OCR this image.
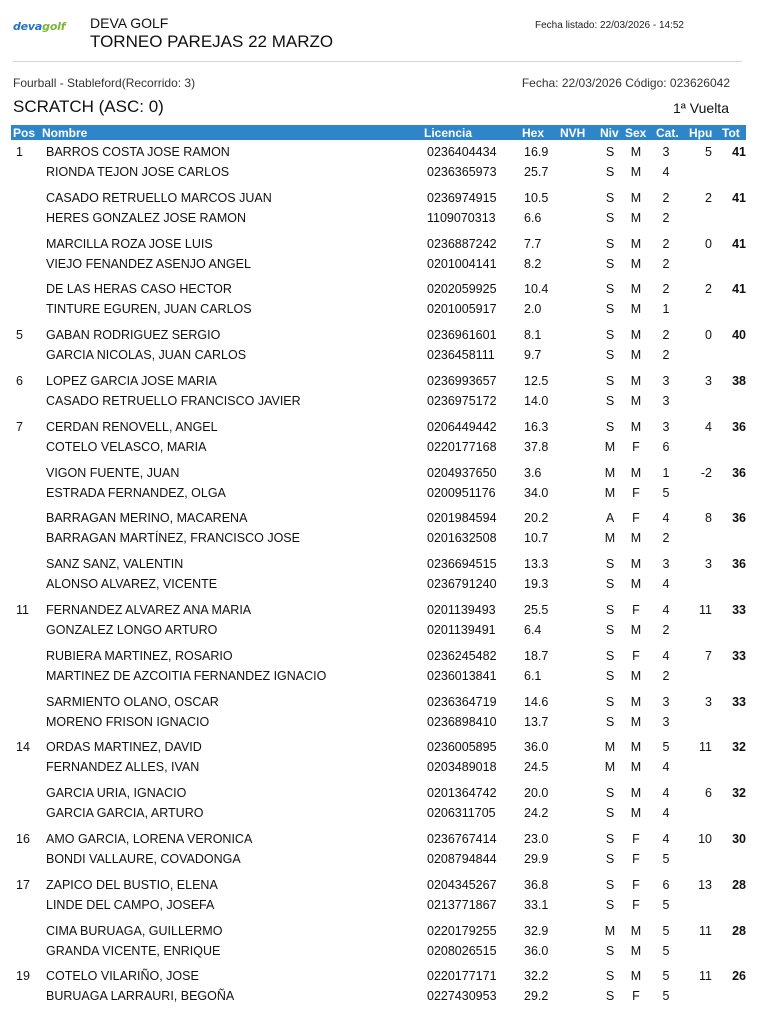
devagolf DEVA GOLF
TORNEO PAREJAS 22 MARZO
Fecha listado: 22/03/2026 - 14:52
Fourball - Stableford(Recorrido: 3)	Fecha: 22/03/2026 Código: 023626042
SCRATCH (ASC: 0)	1ª Vuelta
Pos Nombre	Licencia	Hex NVH Niv Sex Cat. Hpu Tot
1 BARROS COSTA JOSE RAMON	0236404434 16.9	S M 3	5	41
RIONDA TEJON JOSE CARLOS	0236365973 25.7	S M 4
CASADO RETRUELLO MARCOS JUAN	0236974915 10.5	S M 2	2	41
HERES GONZALEZ JOSE RAMON	1109070313 6.6	S M 2
MARCILLA ROZA JOSE LUIS	0236887242 7.7	S M 2	0	41
VIEJO FENANDEZ ASENJO ANGEL	0201004141 8.2	S M 2
DE LAS HERAS CASO HECTOR	0202059925 10.4	S M 2	2	41
TINTURE EGUREN, JUAN CARLOS	0201005917 2.0	S M 1
5 GABAN RODRIGUEZ SERGIO	0236961601 8.1	S M 2	0	40
GARCIA NICOLAS, JUAN CARLOS	0236458111 9.7	S M 2
6 LOPEZ GARCIA JOSE MARIA	0236993657 12.5	S M 3	3	38
CASADO RETRUELLO FRANCISCO JAVIER	0236975172 14.0	S M 3
7 CERDAN RENOVELL, ANGEL	0206449442 16.3	S M 3	4	36
COTELO VELASCO, MARIA	0220177168 37.8	M F 6
VIGON FUENTE, JUAN	0204937650 3.6	M M 1	-2	36
ESTRADA FERNANDEZ, OLGA	0200951176 34.0	M F 5
BARRAGAN MERINO, MACARENA	0201984594 20.2	A F 4	8	36
BARRAGAN MARTÍNEZ, FRANCISCO JOSE	0201632508 10.7	M M 2
SANZ SANZ, VALENTIN	0236694515 13.3	S M 3	3	36
ALONSO ALVAREZ, VICENTE	0236791240 19.3	S M 4
11 FERNANDEZ ALVAREZ ANA MARIA	0201139493 25.5	S F 4	11	33
GONZALEZ LONGO ARTURO	0201139491 6.4	S M 2
RUBIERA MARTINEZ, ROSARIO	0236245482 18.7	S F 4	7	33
MARTINEZ DE AZCOITIA FERNANDEZ IGNACIO	0236013841 6.1	S M 2
SARMIENTO OLANO, OSCAR	0236364719 14.6	S M 3	3	33
MORENO FRISON IGNACIO	0236898410 13.7	S M 3
14 ORDAS MARTINEZ, DAVID	0236005895 36.0	M M 5	11	32
FERNANDEZ ALLES, IVAN	0203489018 24.5	M M 4
GARCIA URIA, IGNACIO	0201364742 20.0	S M 4	6	32
GARCIA GARCIA, ARTURO	0206311705 24.2	S M 4
16 AMO GARCIA, LORENA VERONICA	0236767414 23.0	S F 4	10	30
BONDI VALLAURE, COVADONGA	0208794844 29.9	S F 5
17 ZAPICO DEL BUSTIO, ELENA	0204345267 36.8	S F 6	13	28
LINDE DEL CAMPO, JOSEFA	0213771867 33.1	S F 5
CIMA BURUAGA, GUILLERMO	0220179255 32.9	M M 5	11	28
GRANDA VICENTE, ENRIQUE	0208026515 36.0	S M 5
19 COTELO VILARIÑO, JOSE	0220177171 32.2	S M 5	11	26
BURUAGA LARRAURI, BEGOÑA	0227430953 29.2	S F 5
